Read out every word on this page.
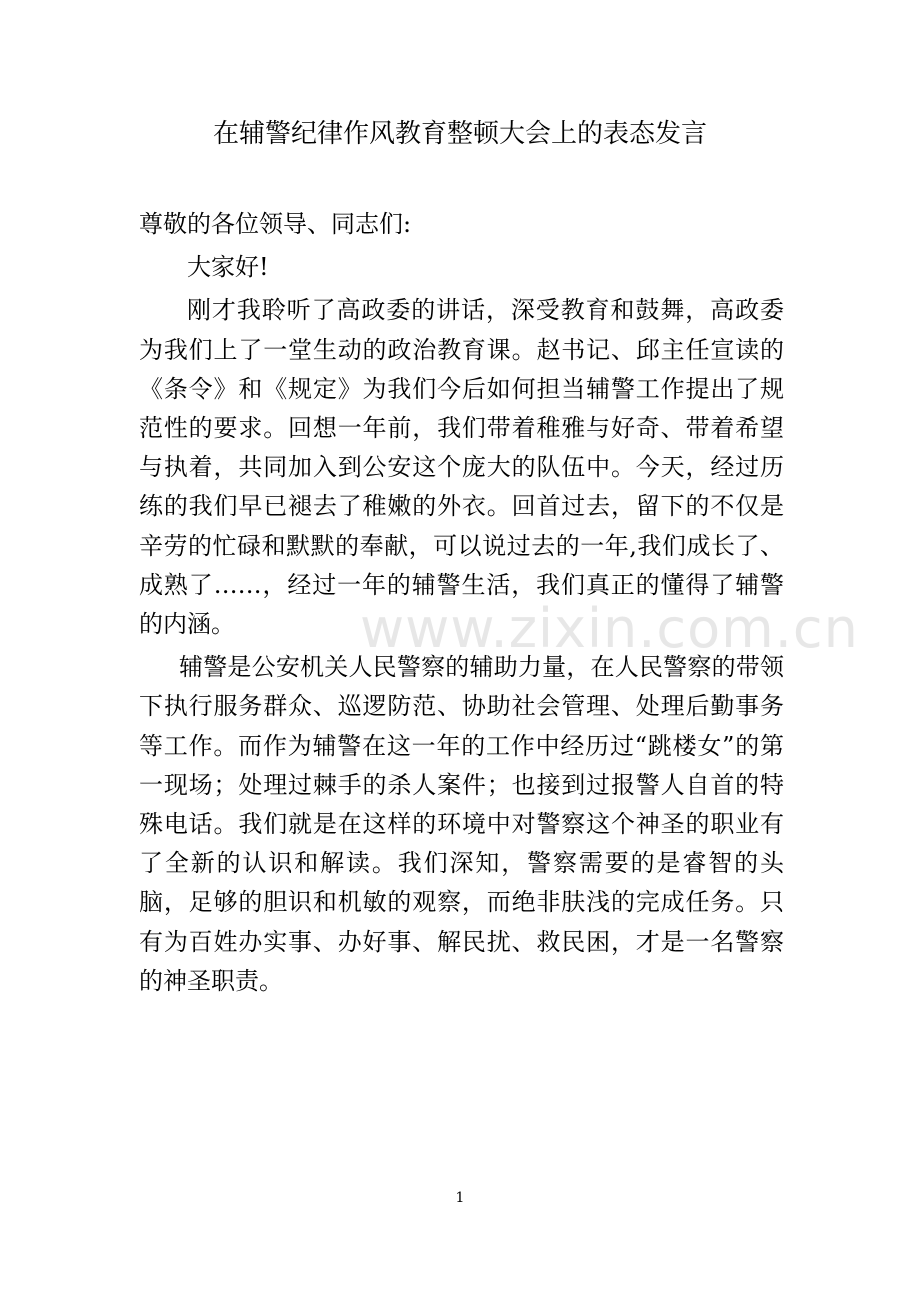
www.zixin.com.cn
在辅警纪律作风教育整顿大会上的表态发言

尊敬的各位领导、同志们:

大家好!

刚才我聆听了高政委的讲话，深受教育和鼓舞，高政委为我们上了一堂生动的政治教育课。赵书记、邱主任宣读的《条令》和《规定》为我们今后如何担当辅警工作提出了规范性的要求。回想一年前，我们带着稚雅与好奇、带着希望与执着，共同加入到公安这个庞大的队伍中。今天，经过历练的我们早已褪去了稚嫩的外衣。回首过去，留下的不仅是辛劳的忙碌和默默的奉献，可以说过去的一年,我们成长了、成熟了……，经过一年的辅警生活，我们真正的懂得了辅警的内涵。

辅警是公安机关人民警察的辅助力量，在人民警察的带领下执行服务群众、巡逻防范、协助社会管理、处理后勤事务等工作。而作为辅警在这一年的工作中经历过“跳楼女”的第一现场；处理过棘手的杀人案件；也接到过报警人自首的特殊电话。我们就是在这样的环境中对警察这个神圣的职业有了全新的认识和解读。我们深知，警察需要的是睿智的头脑，足够的胆识和机敏的观察，而绝非肤浅的完成任务。只有为百姓办实事、办好事、解民扰、救民困，才是一名警察的神圣职责。

1
